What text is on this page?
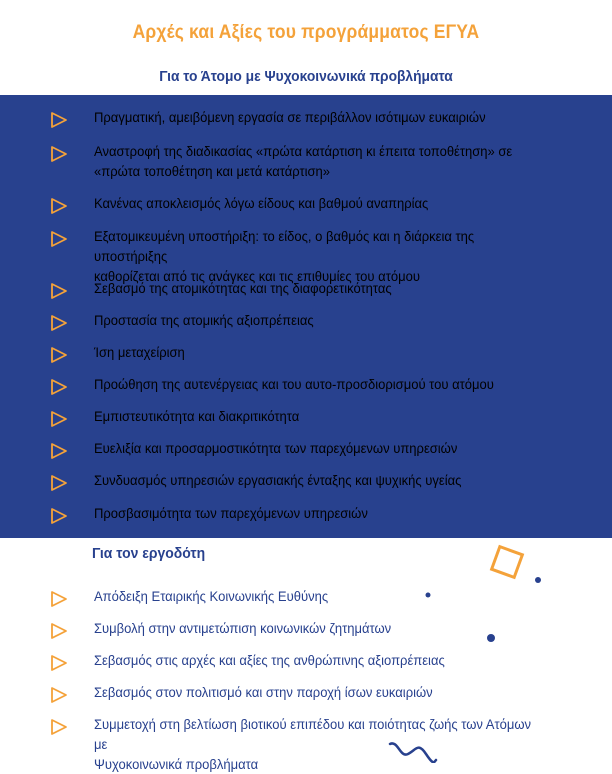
Αρχές και Αξίες του προγράμματος ΕΓΥΑ
Για το Άτομο με Ψυχοκοινωνικά προβλήματα
Πραγματική, αμειβόμενη εργασία σε περιβάλλον ισότιμων ευκαιριών
Αναστροφή της διαδικασίας «πρώτα κατάρτιση κι έπειτα τοποθέτηση» σε
«πρώτα τοποθέτηση και μετά κατάρτιση»
Κανένας αποκλεισμός λόγω είδους και βαθμού αναπηρίας
Εξατομικευμένη υποστήριξη: το είδος, ο βαθμός και η διάρκεια της υποστήριξης
καθορίζεται από τις ανάγκες και τις επιθυμίες του ατόμου
Σεβασμό της ατομικότητας και της διαφορετικότητας
Προστασία της ατομικής αξιοπρέπειας
Ίση μεταχείριση
Προώθηση της αυτενέργειας και του αυτο-προσδιορισμού του ατόμου
Εμπιστευτικότητα και διακριτικότητα
Ευελιξία και προσαρμοστικότητα των παρεχόμενων υπηρεσιών
Συνδυασμός υπηρεσιών εργασιακής ένταξης και ψυχικής υγείας
Προσβασιμότητα των παρεχόμενων υπηρεσιών
Για τον εργοδότη
Απόδειξη Εταιρικής Κοινωνικής Ευθύνης
Συμβολή στην αντιμετώπιση κοινωνικών ζητημάτων
Σεβασμός στις αρχές και αξίες της ανθρώπινης αξιοπρέπειας
Σεβασμός στον πολιτισμό και στην παροχή ίσων ευκαιριών
Συμμετοχή στη βελτίωση βιοτικού επιπέδου και ποιότητας ζωής των Ατόμων με
Ψυχοκοινωνικά προβλήματα
